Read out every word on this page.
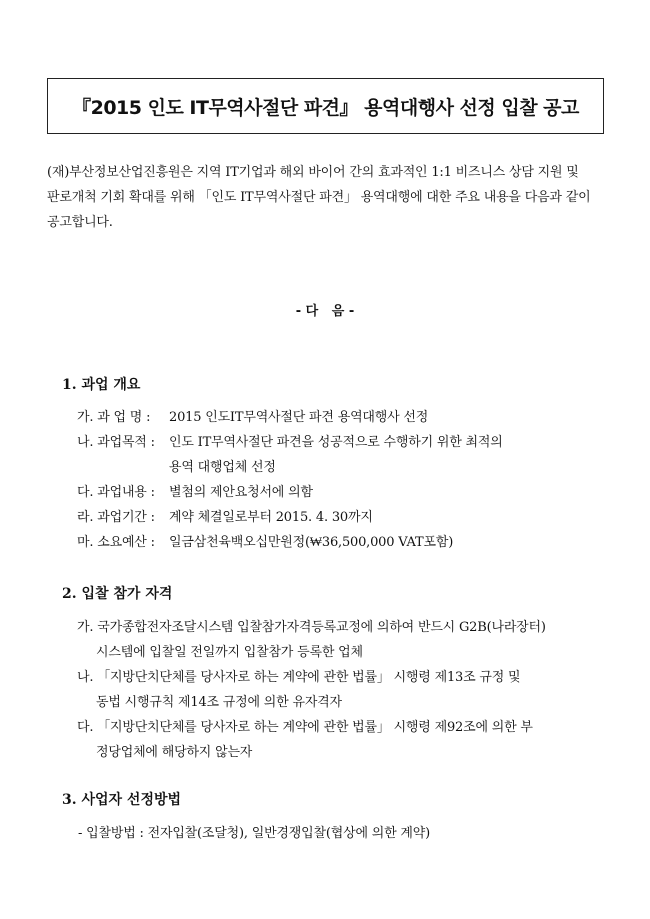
『2015 인도 IT무역사절단 파견』 용역대행사 선정 입찰 공고

(재)부산정보산업진흥원은 지역 IT기업과 해외 바이어 간의 효과적인 1:1 비즈니스 상담 지원 및

판로개척 기회 확대를 위해 「인도 IT무역사절단 파견」 용역대행에 대한 주요 내용을 다음과 같이

공고합니다.

- 다   음 -
1. 과업 개요
가. 과 업 명 : 2015 인도IT무역사절단 파견 용역대행사 선정
나. 과업목적 : 인도 IT무역사절단 파견을 성공적으로 수행하기 위한 최적의
용역 대행업체 선정
다. 과업내용 : 별첨의 제안요청서에 의함
라. 과업기간 : 계약 체결일로부터 2015. 4. 30까지
마. 소요예산 : 일금삼천육백오십만원정(₩36,500,000 VAT포함)
2. 입찰 참가 자격
가. 국가종합전자조달시스템 입찰참가자격등록교정에 의하여 반드시 G2B(나라장터)
시스템에 입찰일 전일까지 입찰참가 등록한 업체
나. 「지방단치단체를 당사자로 하는 계약에 관한 법률」 시행령 제13조 규정 및
동법 시행규칙 제14조 규정에 의한 유자격자
다. 「지방단치단체를 당사자로 하는 계약에 관한 법률」 시행령 제92조에 의한 부
정당업체에 해당하지 않는자
3. 사업자 선정방법
- 입찰방법 : 전자입찰(조달청), 일반경쟁입찰(협상에 의한 계약)
